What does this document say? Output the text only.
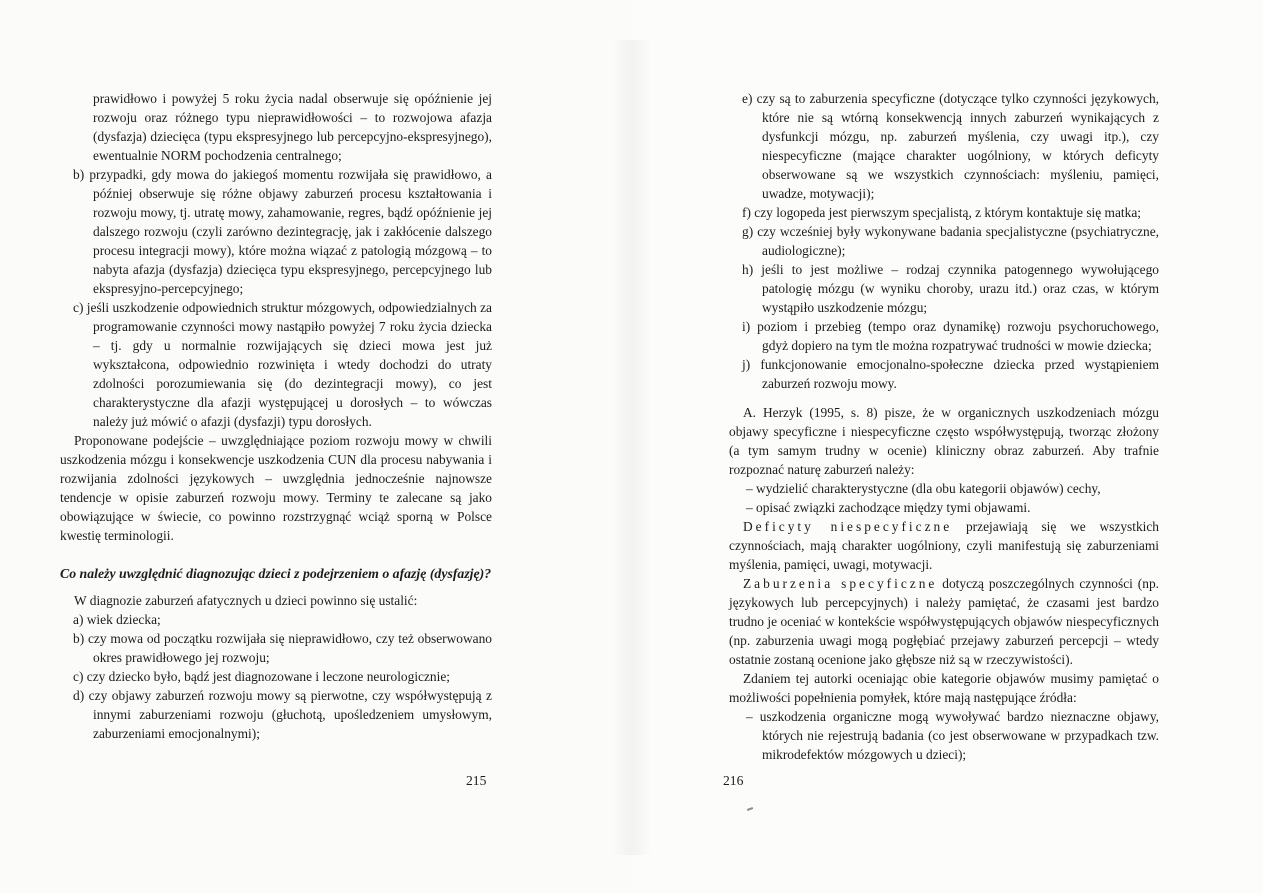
prawidłowo i powyżej 5 roku życia nadal obserwuje się opóźnienie jej rozwoju oraz różnego typu nieprawidłowości – to rozwojowa afazja (dysfazja) dziecięca (typu ekspresyjnego lub percepcyjno-ekspresyjnego), ewentualnie NORM pochodzenia centralnego;

b) przypadki, gdy mowa do jakiegoś momentu rozwijała się prawidłowo, a później obserwuje się różne objawy zaburzeń procesu kształtowania i rozwoju mowy, tj. utratę mowy, zahamowanie, regres, bądź opóźnienie jej dalszego rozwoju (czyli zarówno dezintegrację, jak i zakłócenie dalszego procesu integracji mowy), które można wiązać z patologią mózgową – to nabyta afazja (dysfazja) dziecięca typu ekspresyjnego, percepcyjnego lub ekspresyjno-percepcyjnego;

c) jeśli uszkodzenie odpowiednich struktur mózgowych, odpowiedzialnych za programowanie czynności mowy nastąpiło powyżej 7 roku życia dziecka – tj. gdy u normalnie rozwijających się dzieci mowa jest już wykształcona, odpowiednio rozwinięta i wtedy dochodzi do utraty zdolności porozumiewania się (do dezintegracji mowy), co jest charakterystyczne dla afazji występującej u dorosłych – to wówczas należy już mówić o afazji (dysfazji) typu dorosłych.

Proponowane podejście – uwzględniające poziom rozwoju mowy w chwili uszkodzenia mózgu i konsekwencje uszkodzenia CUN dla procesu nabywania i rozwijania zdolności językowych – uwzględnia jednocześnie najnowsze tendencje w opisie zaburzeń rozwoju mowy. Terminy te zalecane są jako obowiązujące w świecie, co powinno rozstrzygnąć wciąż sporną w Polsce kwestię terminologii.

Co należy uwzględnić diagnozując dzieci z podejrzeniem o afazję (dysfazję)?

W diagnozie zaburzeń afatycznych u dzieci powinno się ustalić:

a) wiek dziecka;

b) czy mowa od początku rozwijała się nieprawidłowo, czy też obserwowano okres prawidłowego jej rozwoju;

c) czy dziecko było, bądź jest diagnozowane i leczone neurologicznie;

d) czy objawy zaburzeń rozwoju mowy są pierwotne, czy współwystępują z innymi zaburzeniami rozwoju (głuchotą, upośledzeniem umysłowym, zaburzeniami emocjonalnymi);

215

e) czy są to zaburzenia specyficzne (dotyczące tylko czynności językowych, które nie są wtórną konsekwencją innych zaburzeń wynikających z dysfunkcji mózgu, np. zaburzeń myślenia, czy uwagi itp.), czy niespecyficzne (mające charakter uogólniony, w których deficyty obserwowane są we wszystkich czynnościach: myśleniu, pamięci, uwadze, motywacji);

f) czy logopeda jest pierwszym specjalistą, z którym kontaktuje się matka;

g) czy wcześniej były wykonywane badania specjalistyczne (psychiatryczne, audiologiczne);

h) jeśli to jest możliwe – rodzaj czynnika patogennego wywołującego patologię mózgu (w wyniku choroby, urazu itd.) oraz czas, w którym wystąpiło uszkodzenie mózgu;

i) poziom i przebieg (tempo oraz dynamikę) rozwoju psychoruchowego, gdyż dopiero na tym tle można rozpatrywać trudności w mowie dziecka;

j) funkcjonowanie emocjonalno-społeczne dziecka przed wystąpieniem zaburzeń rozwoju mowy.

A. Herzyk (1995, s. 8) pisze, że w organicznych uszkodzeniach mózgu objawy specyficzne i niespecyficzne często współwystępują, tworząc złożony (a tym samym trudny w ocenie) kliniczny obraz zaburzeń. Aby trafnie rozpoznać naturę zaburzeń należy:

– wydzielić charakterystyczne (dla obu kategorii objawów) cechy,

– opisać związki zachodzące między tymi objawami.

Deficyty niespecyficzne przejawiają się we wszystkich czynnościach, mają charakter uogólniony, czyli manifestują się zaburzeniami myślenia, pamięci, uwagi, motywacji.

Zaburzenia specyficzne dotyczą poszczególnych czynności (np. językowych lub percepcyjnych) i należy pamiętać, że czasami jest bardzo trudno je oceniać w kontekście współwystępujących objawów niespecyficznych (np. zaburzenia uwagi mogą pogłębiać przejawy zaburzeń percepcji – wtedy ostatnie zostaną ocenione jako głębsze niż są w rzeczywistości).

Zdaniem tej autorki oceniając obie kategorie objawów musimy pamiętać o możliwości popełnienia pomyłek, które mają następujące źródła:

– uszkodzenia organiczne mogą wywoływać bardzo nieznaczne objawy, których nie rejestrują badania (co jest obserwowane w przypadkach tzw. mikrodefektów mózgowych u dzieci);

216
